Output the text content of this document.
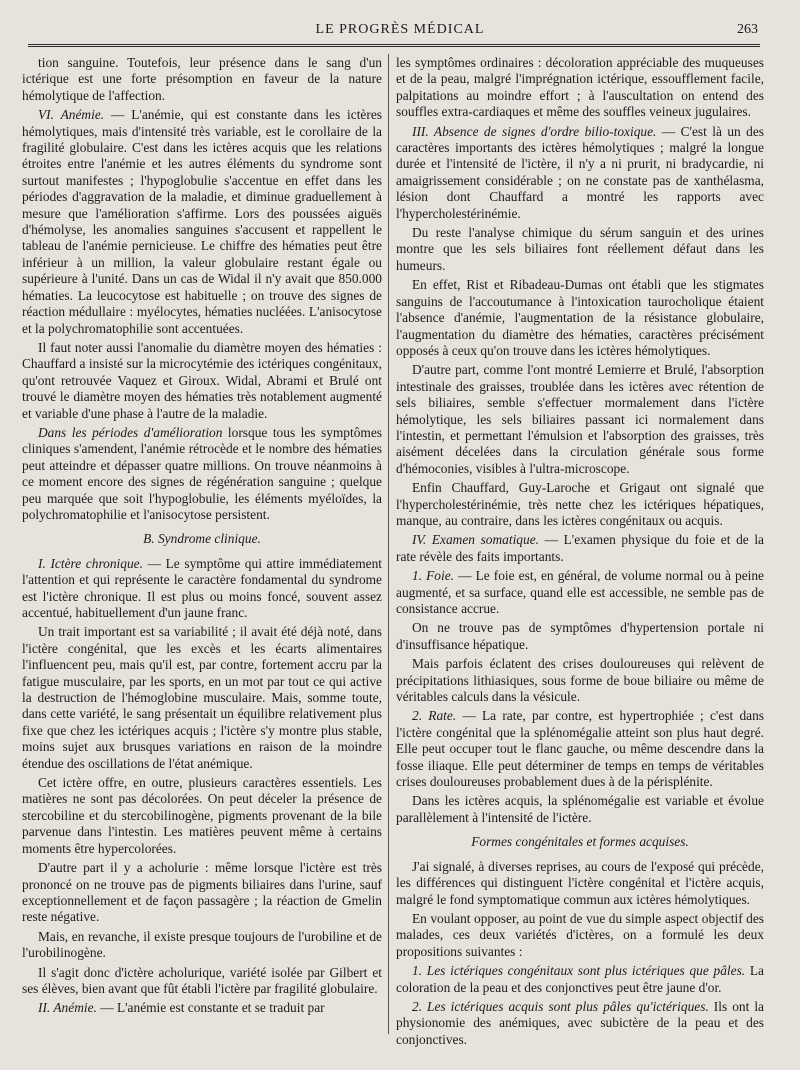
LE PROGRÈS MÉDICAL	263

tion sanguine. Toutefois, leur présence dans le sang d'un ictérique est une forte présomption en faveur de la nature hémolytique de l'affection.

VI. Anémie. — L'anémie, qui est constante dans les ictères hémolytiques, mais d'intensité très variable, est le corollaire de la fragilité globulaire. C'est dans les ictères acquis que les relations étroites entre l'anémie et les autres éléments du syndrome sont surtout manifestes ; l'hypoglobulie s'accentue en effet dans les périodes d'aggravation de la maladie, et diminue graduellement à mesure que l'amélioration s'affirme. Lors des poussées aiguës d'hémolyse, les anomalies sanguines s'accusent et rappellent le tableau de l'anémie pernicieuse. Le chiffre des hématies peut être inférieur à un million, la valeur globulaire restant égale ou supérieure à l'unité. Dans un cas de Widal il n'y avait que 850.000 hématies. La leucocytose est habituelle ; on trouve des signes de réaction médullaire : myélocytes, hématies nucléées. L'anisocytose et la polychromatophilie sont accentuées.

Il faut noter aussi l'anomalie du diamètre moyen des hématies : Chauffard a insisté sur la microcytémie des ictériques congénitaux, qu'ont retrouvée Vaquez et Giroux. Widal, Abrami et Brulé ont trouvé le diamètre moyen des hématies très notablement augmenté et variable d'une phase à l'autre de la maladie.

Dans les périodes d'amélioration lorsque tous les symptômes cliniques s'amendent, l'anémie rétrocède et le nombre des hématies peut atteindre et dépasser quatre millions. On trouve néanmoins à ce moment encore des signes de régénération sanguine ; quelque peu marquée que soit l'hypoglobulie, les éléments myéloïdes, la polychromatophilie et l'anisocytose persistent.

B. Syndrome clinique.

I. Ictère chronique. — Le symptôme qui attire immédiatement l'attention et qui représente le caractère fondamental du syndrome est l'ictère chronique. Il est plus ou moins foncé, souvent assez accentué, habituellement d'un jaune franc.

Un trait important est sa variabilité ; il avait été déjà noté, dans l'ictère congénital, que les excès et les écarts alimentaires l'influencent peu, mais qu'il est, par contre, fortement accru par la fatigue musculaire, par les sports, en un mot par tout ce qui active la destruction de l'hémoglobine musculaire. Mais, somme toute, dans cette variété, le sang présentait un équilibre relativement plus fixe que chez les ictériques acquis ; l'ictère s'y montre plus stable, moins sujet aux brusques variations en raison de la moindre étendue des oscillations de l'état anémique.

Cet ictère offre, en outre, plusieurs caractères essentiels. Les matières ne sont pas décolorées. On peut déceler la présence de stercobiline et du stercobilinogène, pigments provenant de la bile parvenue dans l'intestin. Les matières peuvent même à certains moments être hypercolorées.

D'autre part il y a acholurie : même lorsque l'ictère est très prononcé on ne trouve pas de pigments biliaires dans l'urine, sauf exceptionnellement et de façon passagère ; la réaction de Gmelin reste négative.

Mais, en revanche, il existe presque toujours de l'urobiline et de l'urobilinogène.

Il s'agit donc d'ictère acholurique, variété isolée par Gilbert et ses élèves, bien avant que fût établi l'ictère par fragilité globulaire.

II. Anémie. — L'anémie est constante et se traduit par

les symptômes ordinaires : décoloration appréciable des muqueuses et de la peau, malgré l'imprégnation ictérique, essoufflement facile, palpitations au moindre effort ; à l'auscultation on entend des souffles extra-cardiaques et même des souffles veineux jugulaires.

III. Absence de signes d'ordre bilio-toxique. — C'est là un des caractères importants des ictères hémolytiques ; malgré la longue durée et l'intensité de l'ictère, il n'y a ni prurit, ni bradycardie, ni amaigrissement considérable ; on ne constate pas de xanthélasma, lésion dont Chauffard a montré les rapports avec l'hypercholestérinémie.

Du reste l'analyse chimique du sérum sanguin et des urines montre que les sels biliaires font réellement défaut dans les humeurs.

En effet, Rist et Ribadeau-Dumas ont établi que les stigmates sanguins de l'accoutumance à l'intoxication taurocholique étaient l'absence d'anémie, l'augmentation de la résistance globulaire, l'augmentation du diamètre des hématies, caractères précisément opposés à ceux qu'on trouve dans les ictères hémolytiques.

D'autre part, comme l'ont montré Lemierre et Brulé, l'absorption intestinale des graisses, troublée dans les ictères avec rétention de sels biliaires, semble s'effectuer mormalement dans l'ictère hémolytique, les sels biliaires passant ici normalement dans l'intestin, et permettant l'émulsion et l'absorption des graisses, très aisément décelées dans la circulation générale sous forme d'hémoconies, visibles à l'ultra-microscope.

Enfin Chauffard, Guy-Laroche et Grigaut ont signalé que l'hypercholestérinémie, très nette chez les ictériques hépatiques, manque, au contraire, dans les ictères congénitaux ou acquis.

IV. Examen somatique. — L'examen physique du foie et de la rate révèle des faits importants.

1. Foie. — Le foie est, en général, de volume normal ou à peine augmenté, et sa surface, quand elle est accessible, ne semble pas de consistance accrue.

On ne trouve pas de symptômes d'hypertension portale ni d'insuffisance hépatique.

Mais parfois éclatent des crises douloureuses qui relèvent de précipitations lithiasiques, sous forme de boue biliaire ou même de véritables calculs dans la vésicule.

2. Rate. — La rate, par contre, est hypertrophiée ; c'est dans l'ictère congénital que la splénomégalie atteint son plus haut degré. Elle peut occuper tout le flanc gauche, ou même descendre dans la fosse iliaque. Elle peut déterminer de temps en temps de véritables crises douloureuses probablement dues à de la périsplénite.

Dans les ictères acquis, la splénomégalie est variable et évolue parallèlement à l'intensité de l'ictère.

Formes congénitales et formes acquises.

J'ai signalé, à diverses reprises, au cours de l'exposé qui précède, les différences qui distinguent l'ictère congénital et l'ictère acquis, malgré le fond symptomatique commun aux ictères hémolytiques.

En voulant opposer, au point de vue du simple aspect objectif des malades, ces deux variétés d'ictères, on a formulé les deux propositions suivantes :

1. Les ictériques congénitaux sont plus ictériques que pâles. La coloration de la peau et des conjonctives peut être jaune d'or.

2. Les ictériques acquis sont plus pâles qu'ictériques. Ils ont la physionomie des anémiques, avec subictère de la peau et des conjonctives.
